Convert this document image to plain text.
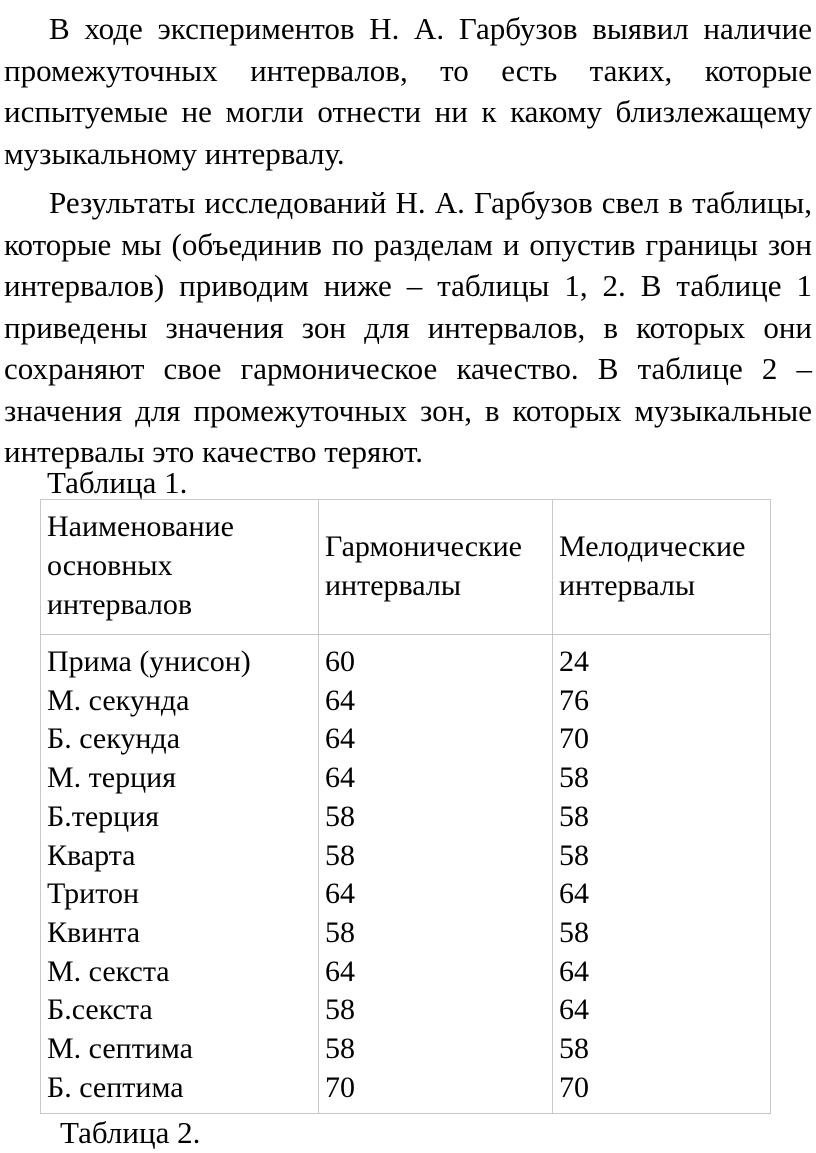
В ходе экспериментов Н. А. Гарбузов выявил наличие промежуточных интервалов, то есть таких, которые испытуемые не могли отнести ни к какому близлежащему музыкальному интервалу.

Результаты исследований Н. А. Гарбузов свел в таблицы, которые мы (объединив по разделам и опустив границы зон интервалов) приводим ниже – таблицы 1, 2. В таблице 1 приведены значения зон для интервалов, в которых они сохраняют свое гармоническое качество. В таблице 2 – значения для промежуточных зон, в которых музыкальные интервалы это качество теряют.

Таблица 1.
Наименование основных интервалов	Гармонические интервалы	Мелодические интервалы
Прима (унисон)	60	24
М. секунда	64	76
Б. секунда	64	70
М. терция	64	58
Б.терция	58	58
Кварта	58	58
Тритон	64	64
Квинта	58	58
М. секста	64	64
Б.секста	58	64
М. септима	58	58
Б. септима	70	70
Таблица 2.
